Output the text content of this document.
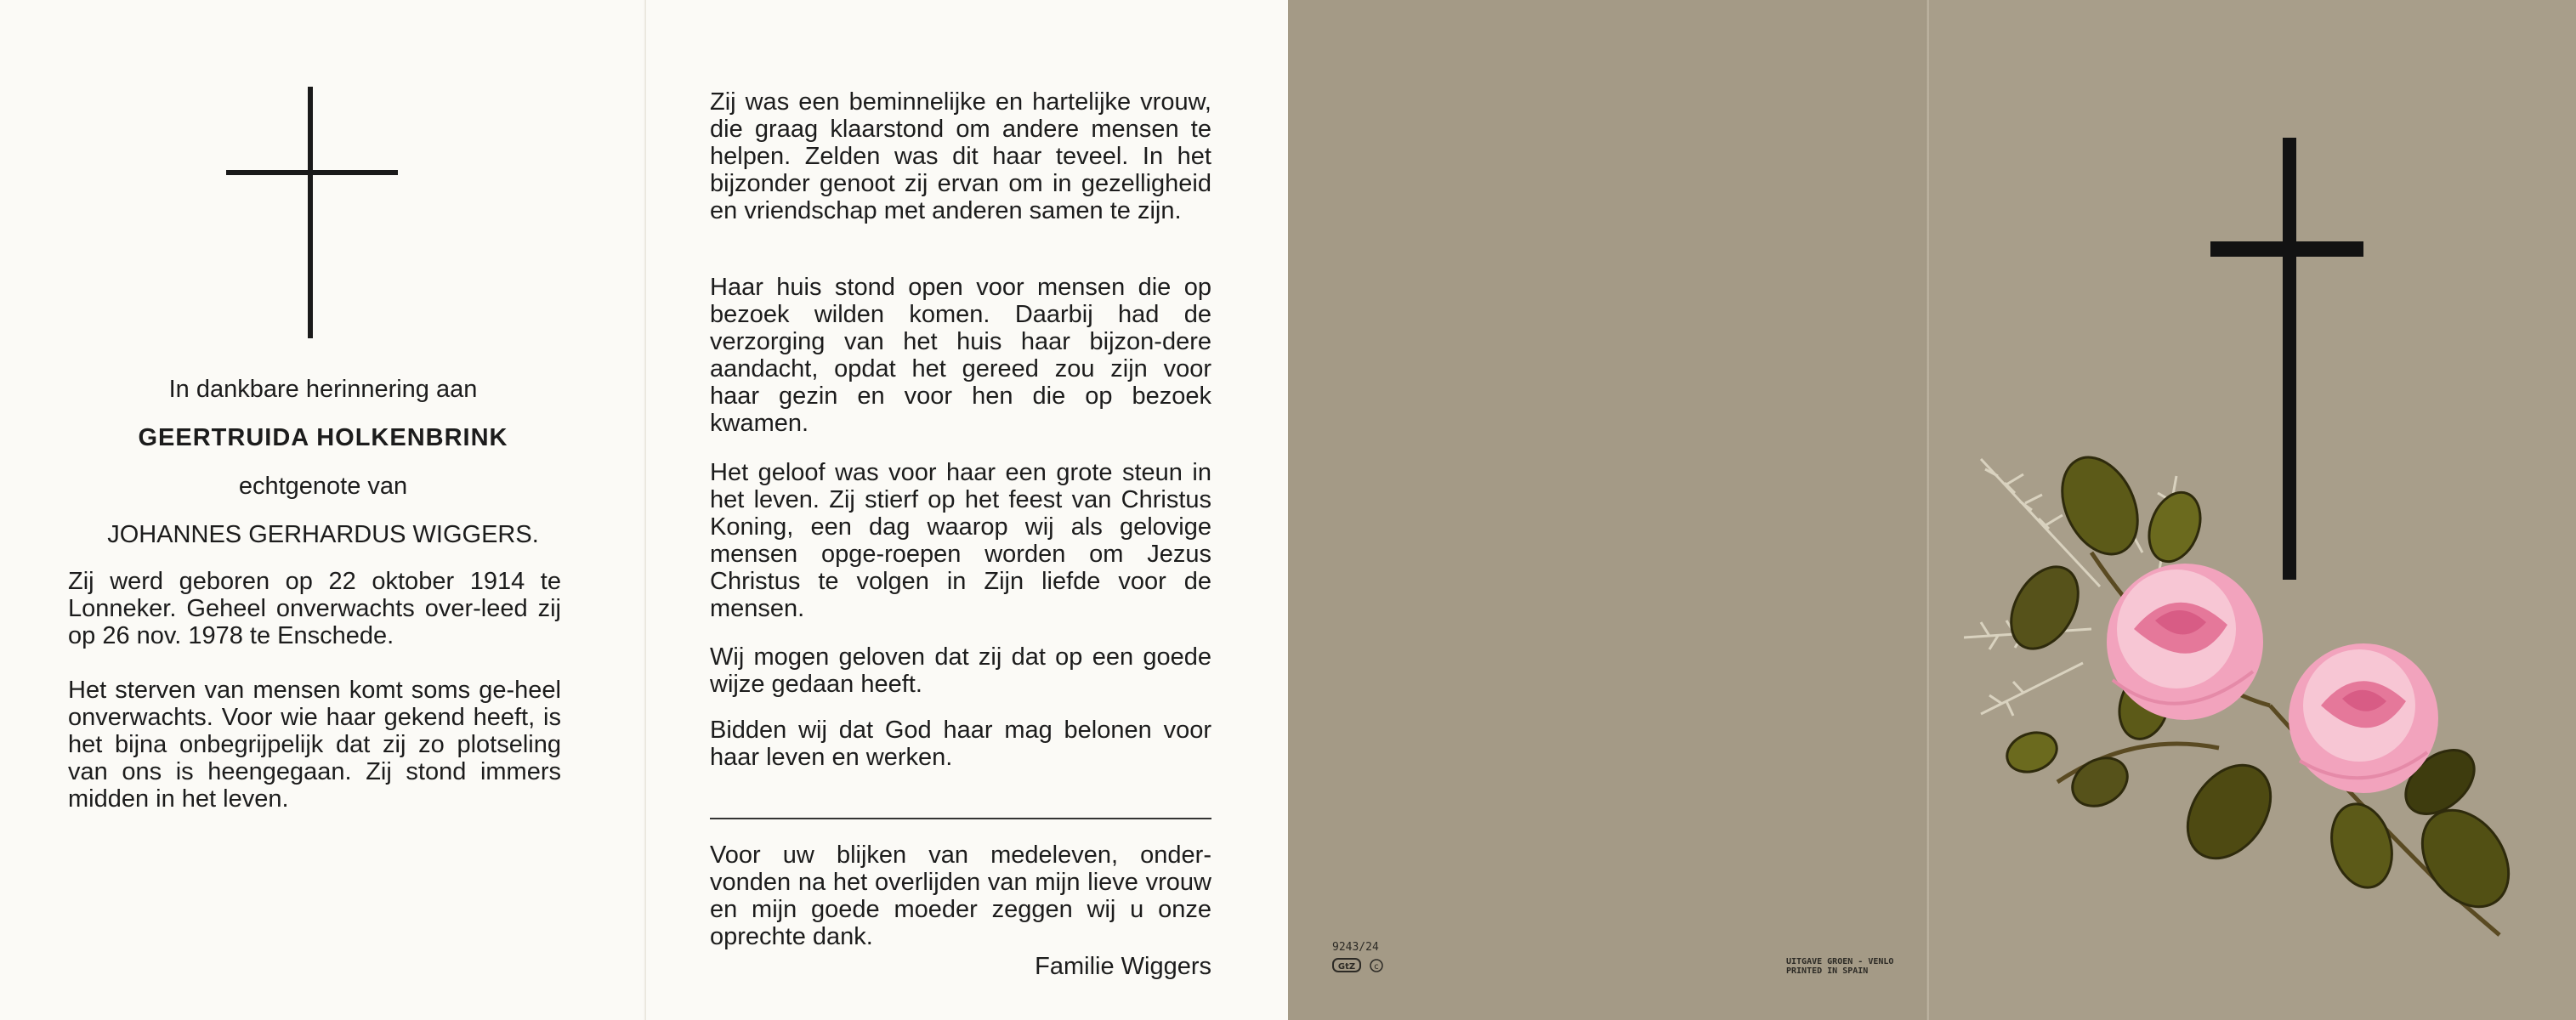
In dankbare herinnering aan
GEERTRUIDA HOLKENBRINK
echtgenote van
JOHANNES GERHARDUS WIGGERS.
Zij werd geboren op 22 oktober 1914 te Lonneker. Geheel onverwachts over-leed zij op 26 nov. 1978 te Enschede.
Het sterven van mensen komt soms ge-heel onverwachts. Voor wie haar gekend heeft, is het bijna onbegrijpelijk dat zij zo plotseling van ons is heengegaan. Zij stond immers midden in het leven.
Zij was een beminnelijke en hartelijke vrouw, die graag klaarstond om andere mensen te helpen. Zelden was dit haar teveel. In het bijzonder genoot zij ervan om in gezelligheid en vriendschap met anderen samen te zijn.
Haar huis stond open voor mensen die op bezoek wilden komen. Daarbij had de verzorging van het huis haar bijzon-dere aandacht, opdat het gereed zou zijn voor haar gezin en voor hen die op bezoek kwamen.
Het geloof was voor haar een grote steun in het leven. Zij stierf op het feest van Christus Koning, een dag waarop wij als gelovige mensen opge-roepen worden om Jezus Christus te volgen in Zijn liefde voor de mensen.
Wij mogen geloven dat zij dat op een goede wijze gedaan heeft.
Bidden wij dat God haar mag belonen voor haar leven en werken.
Voor uw blijken van medeleven, onder-vonden na het overlijden van mijn lieve vrouw en mijn goede moeder zeggen wij u onze oprechte dank.
Familie Wiggers
9243/24
GtZ c
UITGAVE GROEN - VENLO
PRINTED IN SPAIN
